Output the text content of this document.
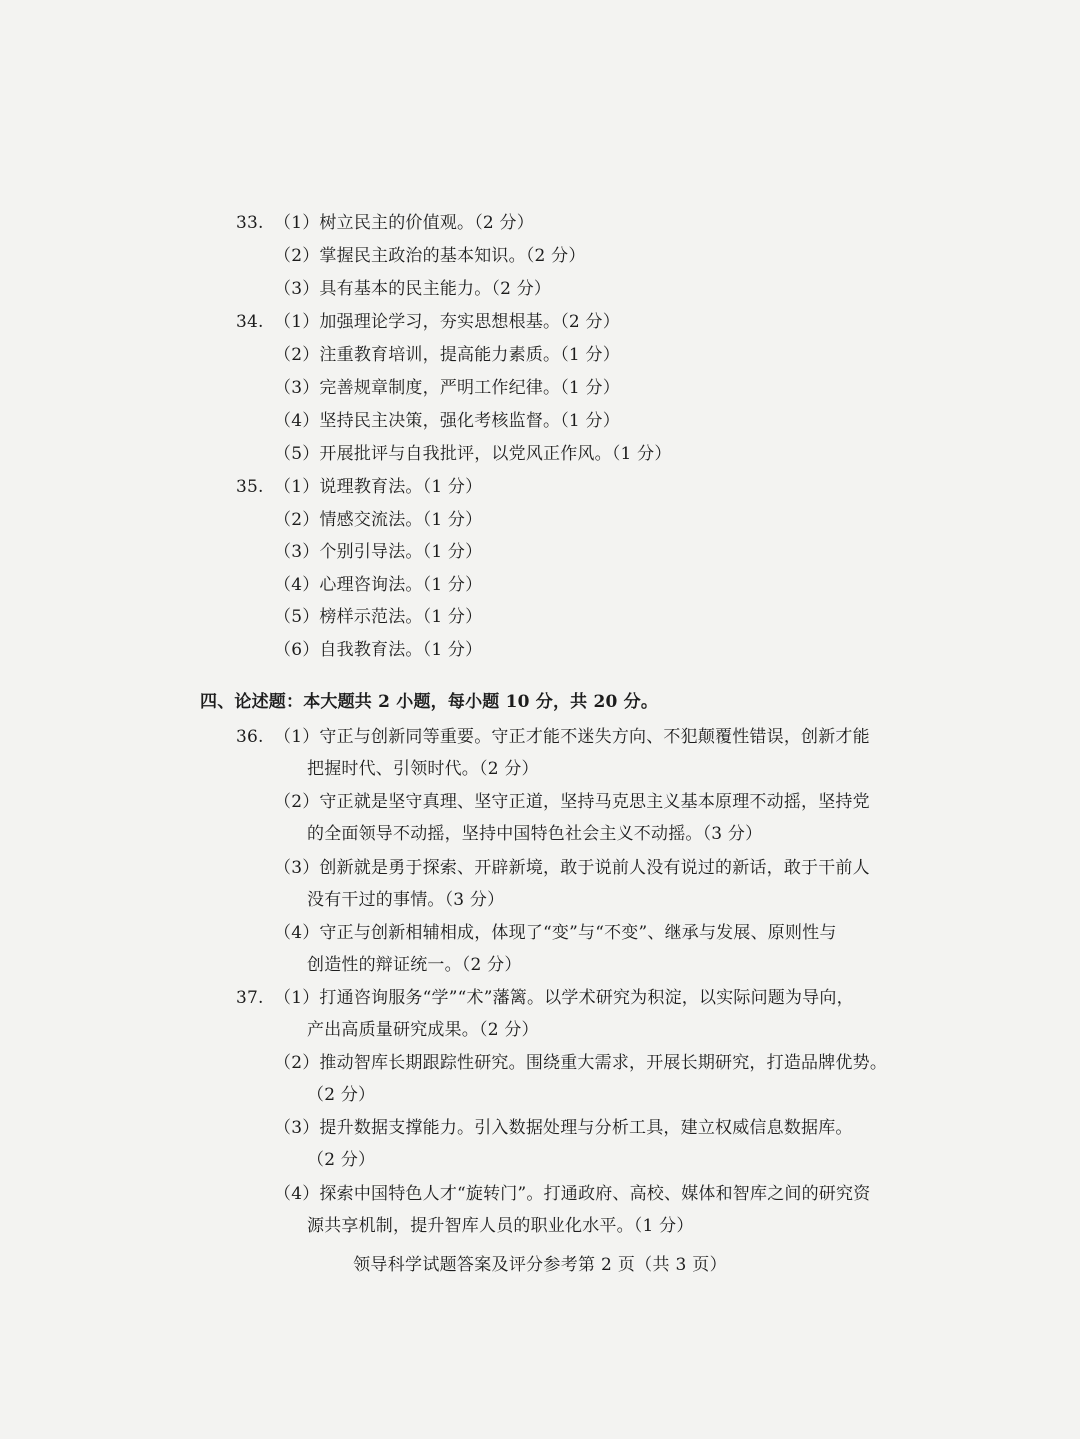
33. （1）树立民主的价值观。（2 分）
（2）掌握民主政治的基本知识。（2 分）
（3）具有基本的民主能力。（2 分）
34. （1）加强理论学习，夯实思想根基。（2 分）
（2）注重教育培训，提高能力素质。（1 分）
（3）完善规章制度，严明工作纪律。（1 分）
（4）坚持民主决策，强化考核监督。（1 分）
（5）开展批评与自我批评，以党风正作风。（1 分）
35. （1）说理教育法。（1 分）
（2）情感交流法。（1 分）
（3）个别引导法。（1 分）
（4）心理咨询法。（1 分）
（5）榜样示范法。（1 分）
（6）自我教育法。（1 分）
四、论述题：本大题共 2 小题，每小题 10 分，共 20 分。
36. （1）守正与创新同等重要。守正才能不迷失方向、不犯颠覆性错误，创新才能
把握时代、引领时代。（2 分）
（2）守正就是坚守真理、坚守正道，坚持马克思主义基本原理不动摇，坚持党
的全面领导不动摇，坚持中国特色社会主义不动摇。（3 分）
（3）创新就是勇于探索、开辟新境，敢于说前人没有说过的新话，敢于干前人
没有干过的事情。（3 分）
（4）守正与创新相辅相成，体现了“变”与“不变”、继承与发展、原则性与
创造性的辩证统一。（2 分）
37. （1）打通咨询服务“学”“术”藩篱。以学术研究为积淀，以实际问题为导向，
产出高质量研究成果。（2 分）
（2）推动智库长期跟踪性研究。围绕重大需求，开展长期研究，打造品牌优势。
（2 分）
（3）提升数据支撑能力。引入数据处理与分析工具，建立权威信息数据库。
（2 分）
（4）探索中国特色人才“旋转门”。打通政府、高校、媒体和智库之间的研究资
源共享机制，提升智库人员的职业化水平。（1 分）
领导科学试题答案及评分参考第 2 页（共 3 页）
